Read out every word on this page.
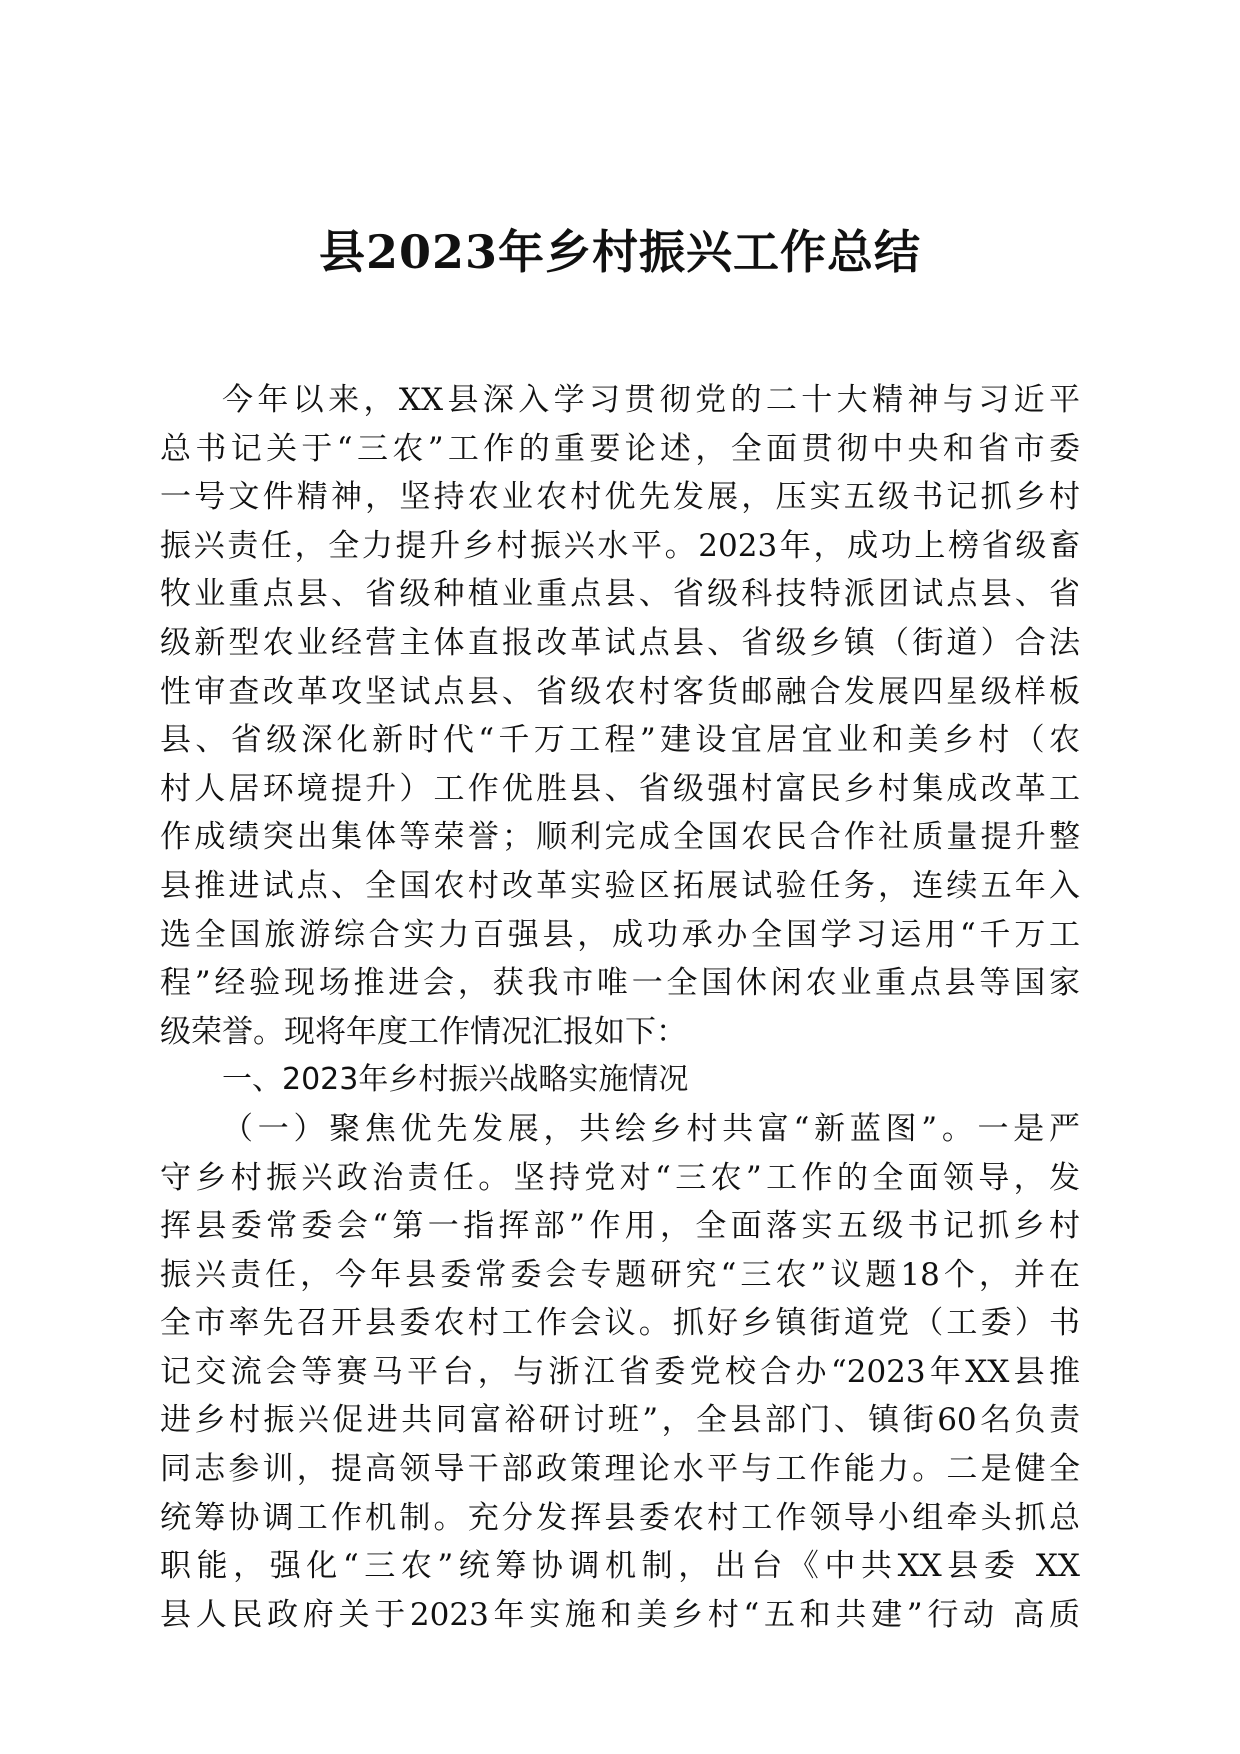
县2023年乡村振兴工作总结
今年以来，XX县深入学习贯彻党的二十大精神与习近平
总书记关于“三农”工作的重要论述，全面贯彻中央和省市委
一号文件精神，坚持农业农村优先发展，压实五级书记抓乡村
振兴责任，全力提升乡村振兴水平。2023年，成功上榜省级畜
牧业重点县、省级种植业重点县、省级科技特派团试点县、省
级新型农业经营主体直报改革试点县、省级乡镇（街道）合法
性审查改革攻坚试点县、省级农村客货邮融合发展四星级样板
县、省级深化新时代“千万工程”建设宜居宜业和美乡村（农
村人居环境提升）工作优胜县、省级强村富民乡村集成改革工
作成绩突出集体等荣誉；顺利完成全国农民合作社质量提升整
县推进试点、全国农村改革实验区拓展试验任务，连续五年入
选全国旅游综合实力百强县，成功承办全国学习运用“千万工
程”经验现场推进会，获我市唯一全国休闲农业重点县等国家
级荣誉。现将年度工作情况汇报如下：
一、2023年乡村振兴战略实施情况
（一）聚焦优先发展，共绘乡村共富“新蓝图”。一是严
守乡村振兴政治责任。坚持党对“三农”工作的全面领导，发
挥县委常委会“第一指挥部”作用，全面落实五级书记抓乡村
振兴责任，今年县委常委会专题研究“三农”议题18个，并在
全市率先召开县委农村工作会议。抓好乡镇街道党（工委）书
记交流会等赛马平台，与浙江省委党校合办“2023年XX县推
进乡村振兴促进共同富裕研讨班”，全县部门、镇街60名负责
同志参训，提高领导干部政策理论水平与工作能力。二是健全
统筹协调工作机制。充分发挥县委农村工作领导小组牵头抓总
职能，强化“三农”统筹协调机制，出台《中共XX县委 XX
县人民政府关于2023年实施和美乡村“五和共建”行动 高质
